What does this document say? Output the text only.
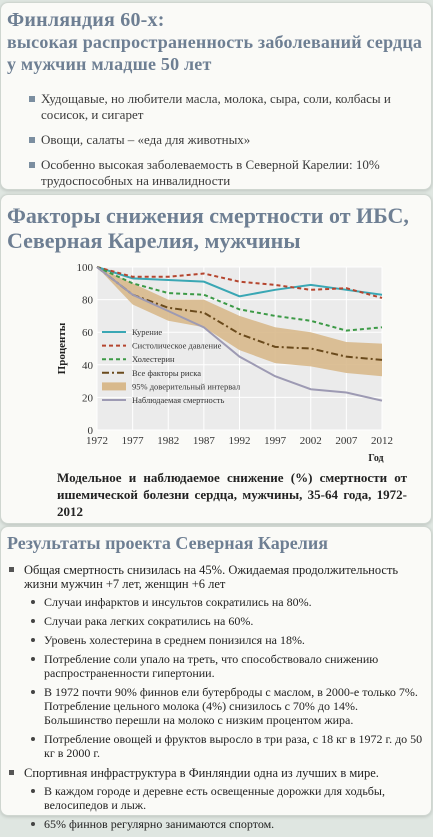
Финляндия 60-х:
высокая распространенность заболеваний сердца у мужчин младше 50 лет
Худощавые, но любители масла, молока, сыра, соли, колбасы и сосисок, и сигарет
Овощи, салаты – «еда для животных»
Особенно высокая заболеваемость в Северной Карелии: 10% трудоспособных на инвалидности
Факторы снижения смертности от ИБС, Северная Карелия, мужчины
0
20
40
60
80
100
1972 1977 1982 1987 1992 1997 2002 2007 2012
Проценты
Год
Курение
Систолическое давление
Холестерин
Все факторы риска
95% доверительный интервал
Наблюдаемая смертность
Модельное и наблюдаемое снижение (%) смертности от ишемической болезни сердца, мужчины, 35-64 года, 1972-2012
Результаты проекта Северная Карелия
Общая смертность снизилась на 45%. Ожидаемая продолжительность жизни мужчин +7 лет, женщин +6 лет
Случаи инфарктов и инсультов сократились на 80%.
Случаи рака легких сократились на 60%.
Уровень холестерина в среднем понизился на 18%.
Потребление соли упало на треть, что способствовало снижению распространенности гипертонии.
В 1972 почти 90% финнов ели бутерброды с маслом, в 2000-е только 7%. Потребление цельного молока (4%) снизилось с 70% до 14%. Большинство перешли на молоко с низким процентом жира.
Потребление овощей и фруктов выросло в три раза, с 18 кг в 1972 г. до 50 кг в 2000 г.
Спортивная инфраструктура в Финляндии одна из лучших в мире.
В каждом городе и деревне есть освещенные дорожки для ходьбы, велосипедов и лыж.
65% финнов регулярно занимаются спортом.
